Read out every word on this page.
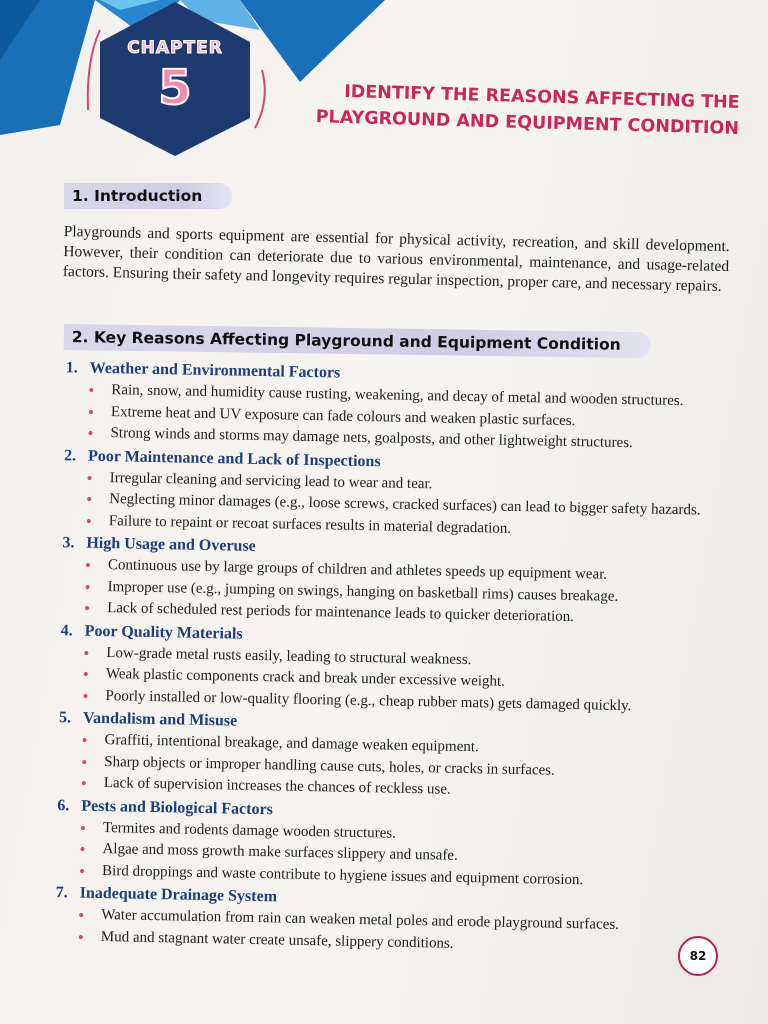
CHAPTER
5	IDENTIFY THE REASONS AFFECTING THE PLAYGROUND AND EQUIPMENT CONDITION
1. Introduction
Playgrounds and sports equipment are essential for physical activity, recreation, and skill development. However, their condition can deteriorate due to various environmental, maintenance, and usage-related factors. Ensuring their safety and longevity requires regular inspection, proper care, and necessary repairs.
2. Key Reasons Affecting Playground and Equipment Condition
1. Weather and Environmental Factors
• Rain, snow, and humidity cause rusting, weakening, and decay of metal and wooden structures.
• Extreme heat and UV exposure can fade colours and weaken plastic surfaces.
• Strong winds and storms may damage nets, goalposts, and other lightweight structures.
2. Poor Maintenance and Lack of Inspections
• Irregular cleaning and servicing lead to wear and tear.
• Neglecting minor damages (e.g., loose screws, cracked surfaces) can lead to bigger safety hazards.
• Failure to repaint or recoat surfaces results in material degradation.
3. High Usage and Overuse
• Continuous use by large groups of children and athletes speeds up equipment wear.
• Improper use (e.g., jumping on swings, hanging on basketball rims) causes breakage.
• Lack of scheduled rest periods for maintenance leads to quicker deterioration.
4. Poor Quality Materials
• Low-grade metal rusts easily, leading to structural weakness.
• Weak plastic components crack and break under excessive weight.
• Poorly installed or low-quality flooring (e.g., cheap rubber mats) gets damaged quickly.
5. Vandalism and Misuse
• Graffiti, intentional breakage, and damage weaken equipment.
• Sharp objects or improper handling cause cuts, holes, or cracks in surfaces.
• Lack of supervision increases the chances of reckless use.
6. Pests and Biological Factors
• Termites and rodents damage wooden structures.
• Algae and moss growth make surfaces slippery and unsafe.
• Bird droppings and waste contribute to hygiene issues and equipment corrosion.
7. Inadequate Drainage System
• Water accumulation from rain can weaken metal poles and erode playground surfaces.
• Mud and stagnant water create unsafe, slippery conditions.
82
